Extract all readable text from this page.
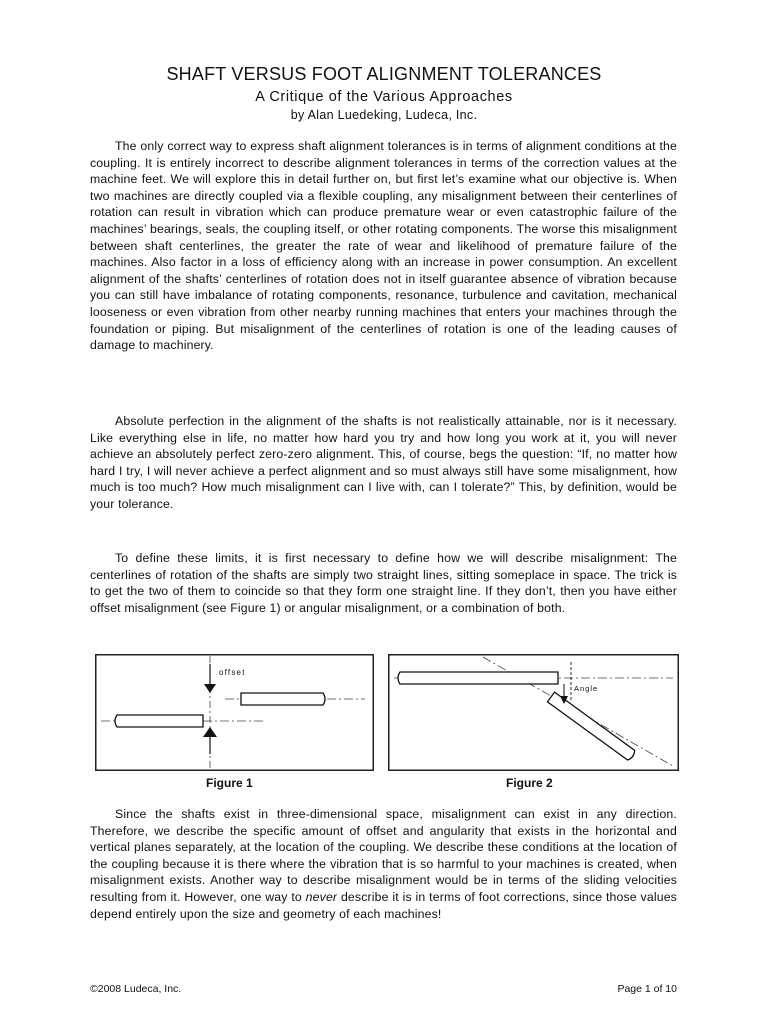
SHAFT VERSUS FOOT ALIGNMENT TOLERANCES
A Critique of the Various Approaches
by Alan Luedeking, Ludeca, Inc.

The only correct way to express shaft alignment tolerances is in terms of alignment conditions at the coupling. It is entirely incorrect to describe alignment tolerances in terms of the correction values at the machine feet. We will explore this in detail further on, but first let’s examine what our objective is. When two machines are directly coupled via a flexible coupling, any misalignment between their centerlines of rotation can result in vibration which can produce premature wear or even catastrophic failure of the machines’ bearings, seals, the coupling itself, or other rotating components. The worse this misalignment between shaft centerlines, the greater the rate of wear and likelihood of premature failure of the machines. Also factor in a loss of efficiency along with an increase in power consumption. An excellent alignment of the shafts’ centerlines of rotation does not in itself guarantee absence of vibration because you can still have imbalance of rotating components, resonance, turbulence and cavitation, mechanical looseness or even vibration from other nearby running machines that enters your machines through the foundation or piping. But misalignment of the centerlines of rotation is one of the leading causes of damage to machinery.

Absolute perfection in the alignment of the shafts is not realistically attainable, nor is it necessary. Like everything else in life, no matter how hard you try and how long you work at it, you will never achieve an absolutely perfect zero-zero alignment. This, of course, begs the question: “If, no matter how hard I try, I will never achieve a perfect alignment and so must always still have some misalignment, how much is too much? How much misalignment can I live with, can I tolerate?” This, by definition, would be your tolerance.

To define these limits, it is first necessary to define how we will describe misalignment: The centerlines of rotation of the shafts are simply two straight lines, sitting someplace in space. The trick is to get the two of them to coincide so that they form one straight line. If they don’t, then you have either offset misalignment (see Figure 1) or angular misalignment, or a combination of both.

offset
Angle
Figure 1	Figure 2

Since the shafts exist in three-dimensional space, misalignment can exist in any direction. Therefore, we describe the specific amount of offset and angularity that exists in the horizontal and vertical planes separately, at the location of the coupling. We describe these conditions at the location of the coupling because it is there where the vibration that is so harmful to your machines is created, when misalignment exists. Another way to describe misalignment would be in terms of the sliding velocities resulting from it. However, one way to never describe it is in terms of foot corrections, since those values depend entirely upon the size and geometry of each machines!

©2008 Ludeca, Inc.	Page 1 of 10
